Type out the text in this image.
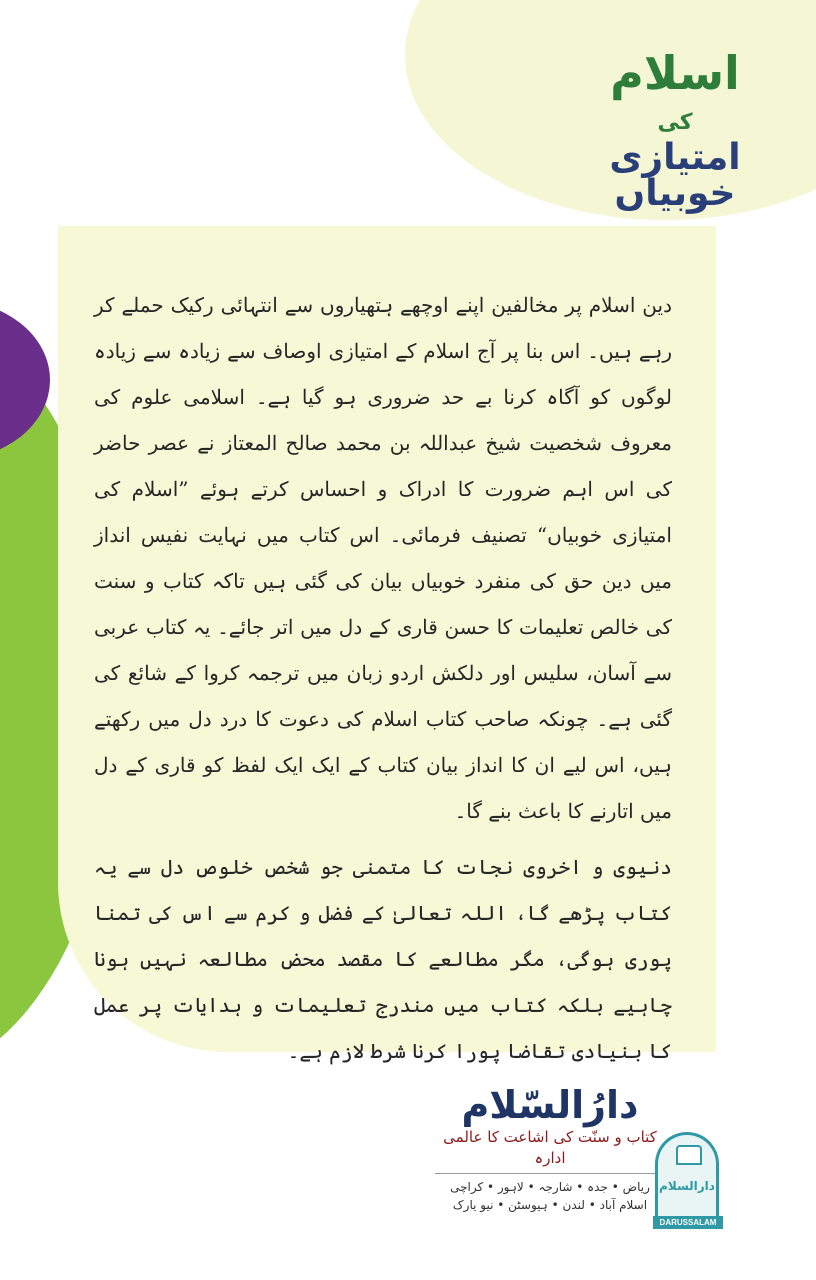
اسلام
کی
امتیازی خوبیاں

دین اسلام پر مخالفین اپنے اوچھے ہتھیاروں سے انتہائی رکیک حملے کر رہے ہیں۔ اس بنا پر آج اسلام کے امتیازی اوصاف سے زیادہ سے زیادہ لوگوں کو آگاہ کرنا بے حد ضروری ہو گیا ہے۔ اسلامی علوم کی معروف شخصیت شیخ عبداللہ بن محمد صالح المعتاز نے عصر حاضر کی اس اہم ضرورت کا ادراک و احساس کرتے ہوئے ”اسلام کی امتیازی خوبیاں“ تصنیف فرمائی۔ اس کتاب میں نہایت نفیس انداز میں دین حق کی منفرد خوبیاں بیان کی گئی ہیں تاکہ کتاب و سنت کی خالص تعلیمات کا حسن قاری کے دل میں اتر جائے۔ یہ کتاب عربی سے آسان، سلیس اور دلکش اردو زبان میں ترجمہ کروا کے شائع کی گئی ہے۔ چونکہ صاحب کتاب اسلام کی دعوت کا درد دل میں رکھتے ہیں، اس لیے ان کا انداز بیان کتاب کے ایک ایک لفظ کو قاری کے دل میں اتارنے کا باعث بنے گا۔

دنیوی و اخروی نجات کا متمنی جو شخص خلوص دل سے یہ کتاب پڑھے گا، اللہ تعالیٰ کے فضل و کرم سے اس کی تمنا پوری ہوگی، مگر مطالعے کا مقصد محض مطالعہ نہیں ہونا چاہیے بلکہ کتاب میں مندرج تعلیمات و ہدایات پر عمل کا بنیادی تقاضا پورا کرنا شرط لازم ہے۔

دارُالسّلام
کتاب و سنّت کی اشاعت کا عالمی ادارہ
ریاض • جدہ • شارجہ • لاہور • کراچی
اسلام آباد • لندن • ہیوسٹن • نیو یارک
دارالسلام
DARUSSALAM
